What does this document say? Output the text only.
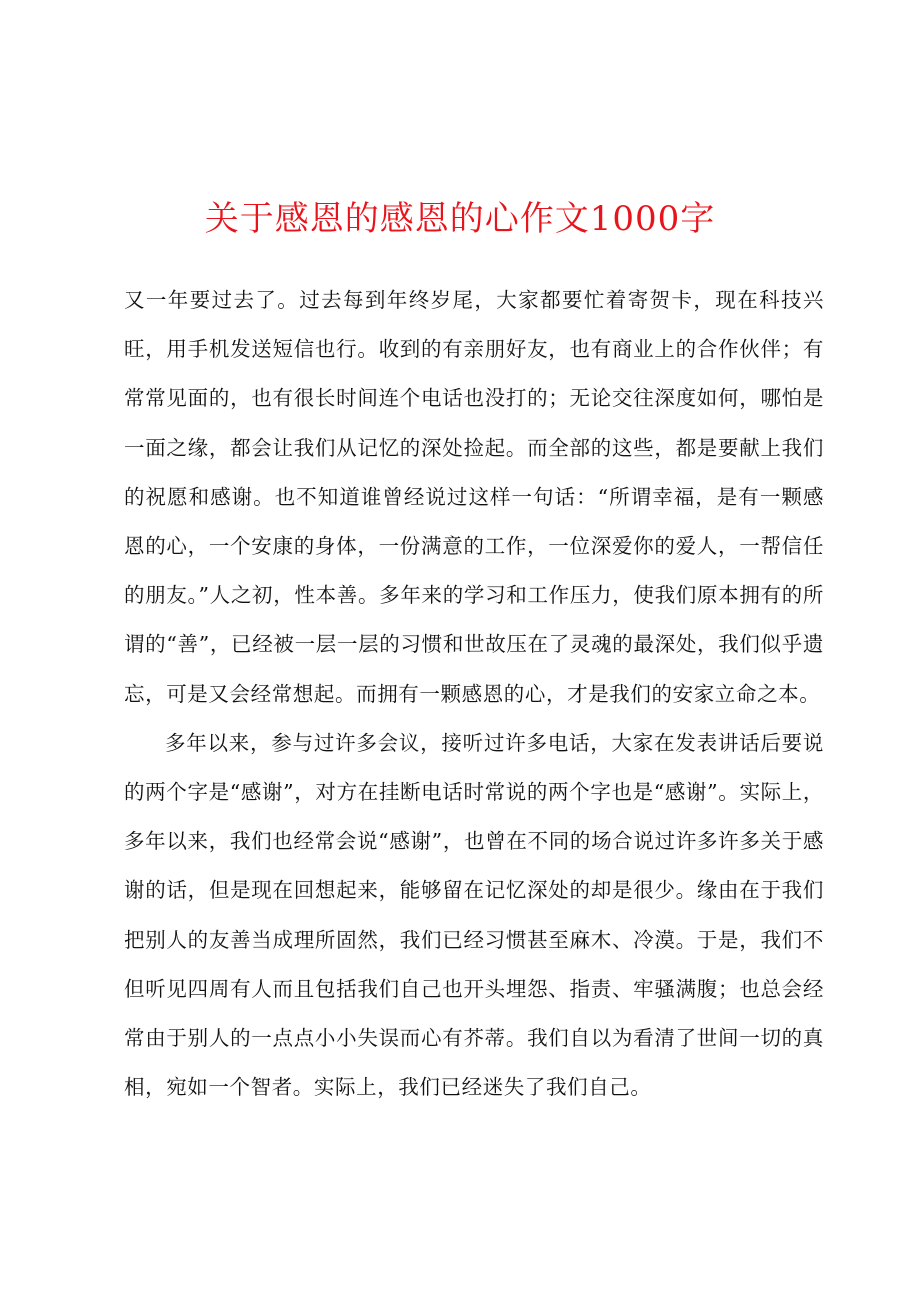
关于感恩的感恩的心作文1000字

又一年要过去了。过去每到年终岁尾，大家都要忙着寄贺卡，现在科技兴旺，用手机发送短信也行。收到的有亲朋好友，也有商业上的合作伙伴；有常常见面的，也有很长时间连个电话也没打的；无论交往深度如何，哪怕是一面之缘，都会让我们从记忆的深处捡起。而全部的这些，都是要献上我们的祝愿和感谢。也不知道谁曾经说过这样一句话：“所谓幸福，是有一颗感恩的心，一个安康的身体，一份满意的工作，一位深爱你的爱人，一帮信任的朋友。”人之初，性本善。多年来的学习和工作压力，使我们原本拥有的所谓的“善”，已经被一层一层的习惯和世故压在了灵魂的最深处，我们似乎遗忘，可是又会经常想起。而拥有一颗感恩的心，才是我们的安家立命之本。

多年以来，参与过许多会议，接听过许多电话，大家在发表讲话后要说的两个字是“感谢”，对方在挂断电话时常说的两个字也是“感谢”。实际上，多年以来，我们也经常会说“感谢”，也曾在不同的场合说过许多许多关于感谢的话，但是现在回想起来，能够留在记忆深处的却是很少。缘由在于我们把别人的友善当成理所固然，我们已经习惯甚至麻木、冷漠。于是，我们不但听见四周有人而且包括我们自己也开头埋怨、指责、牢骚满腹；也总会经常由于别人的一点点小小失误而心有芥蒂。我们自以为看清了世间一切的真相，宛如一个智者。实际上，我们已经迷失了我们自己。
